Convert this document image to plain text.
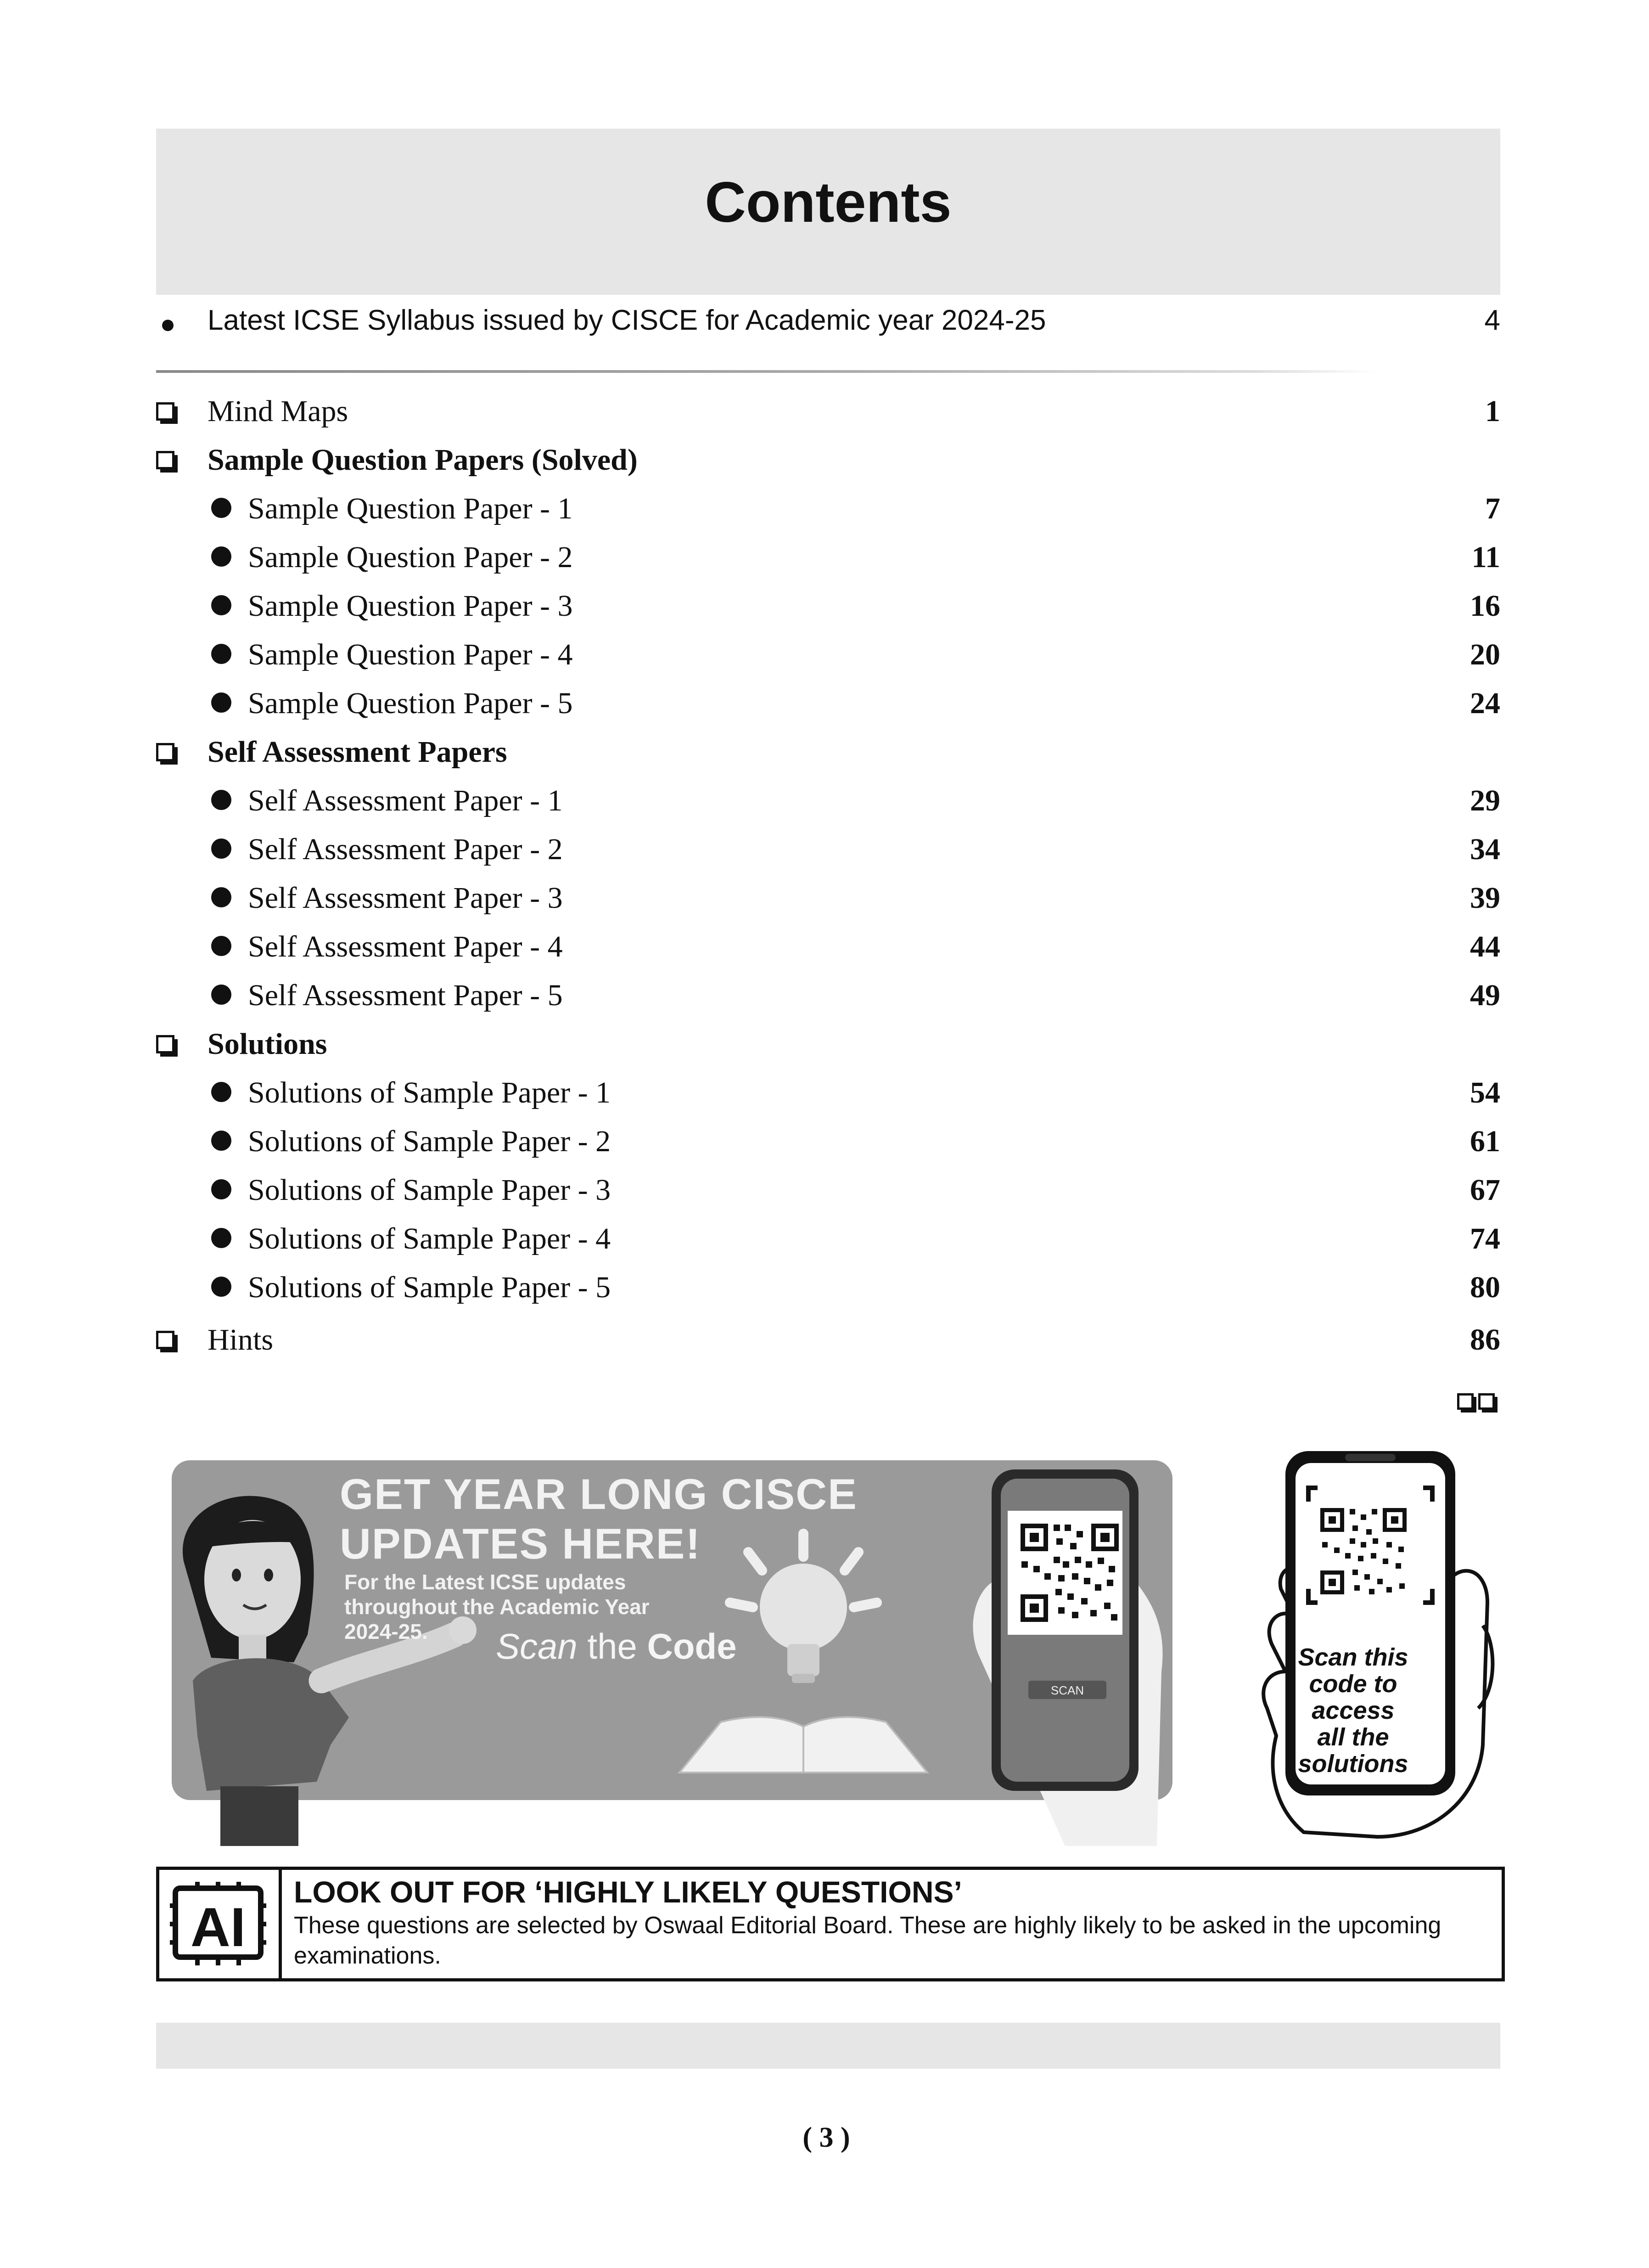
Contents
● Latest ICSE Syllabus issued by CISCE for Academic year 2024-25	4
Mind Maps	1
Sample Question Papers (Solved)
Sample Question Paper - 1	7
Sample Question Paper - 2	11
Sample Question Paper - 3	16
Sample Question Paper - 4	20
Sample Question Paper - 5	24
Self Assessment Papers
Self Assessment Paper - 1	29
Self Assessment Paper - 2	34
Self Assessment Paper - 3	39
Self Assessment Paper - 4	44
Self Assessment Paper - 5	49
Solutions
Solutions of Sample Paper - 1	54
Solutions of Sample Paper - 2	61
Solutions of Sample Paper - 3	67
Solutions of Sample Paper - 4	74
Solutions of Sample Paper - 5	80
Hints	86
SCAN
GET YEAR LONG CISCE
UPDATES HERE!
For the Latest ICSE updates
throughout the Academic Year
2024-25.	Scan the Code	Scan this
code to
access
all the
solutions
AI
LOOK OUT FOR ‘HIGHLY LIKELY QUESTIONS’
These questions are selected by Oswaal Editorial Board. These are highly likely to be asked in the upcoming examinations.
( 3 )
